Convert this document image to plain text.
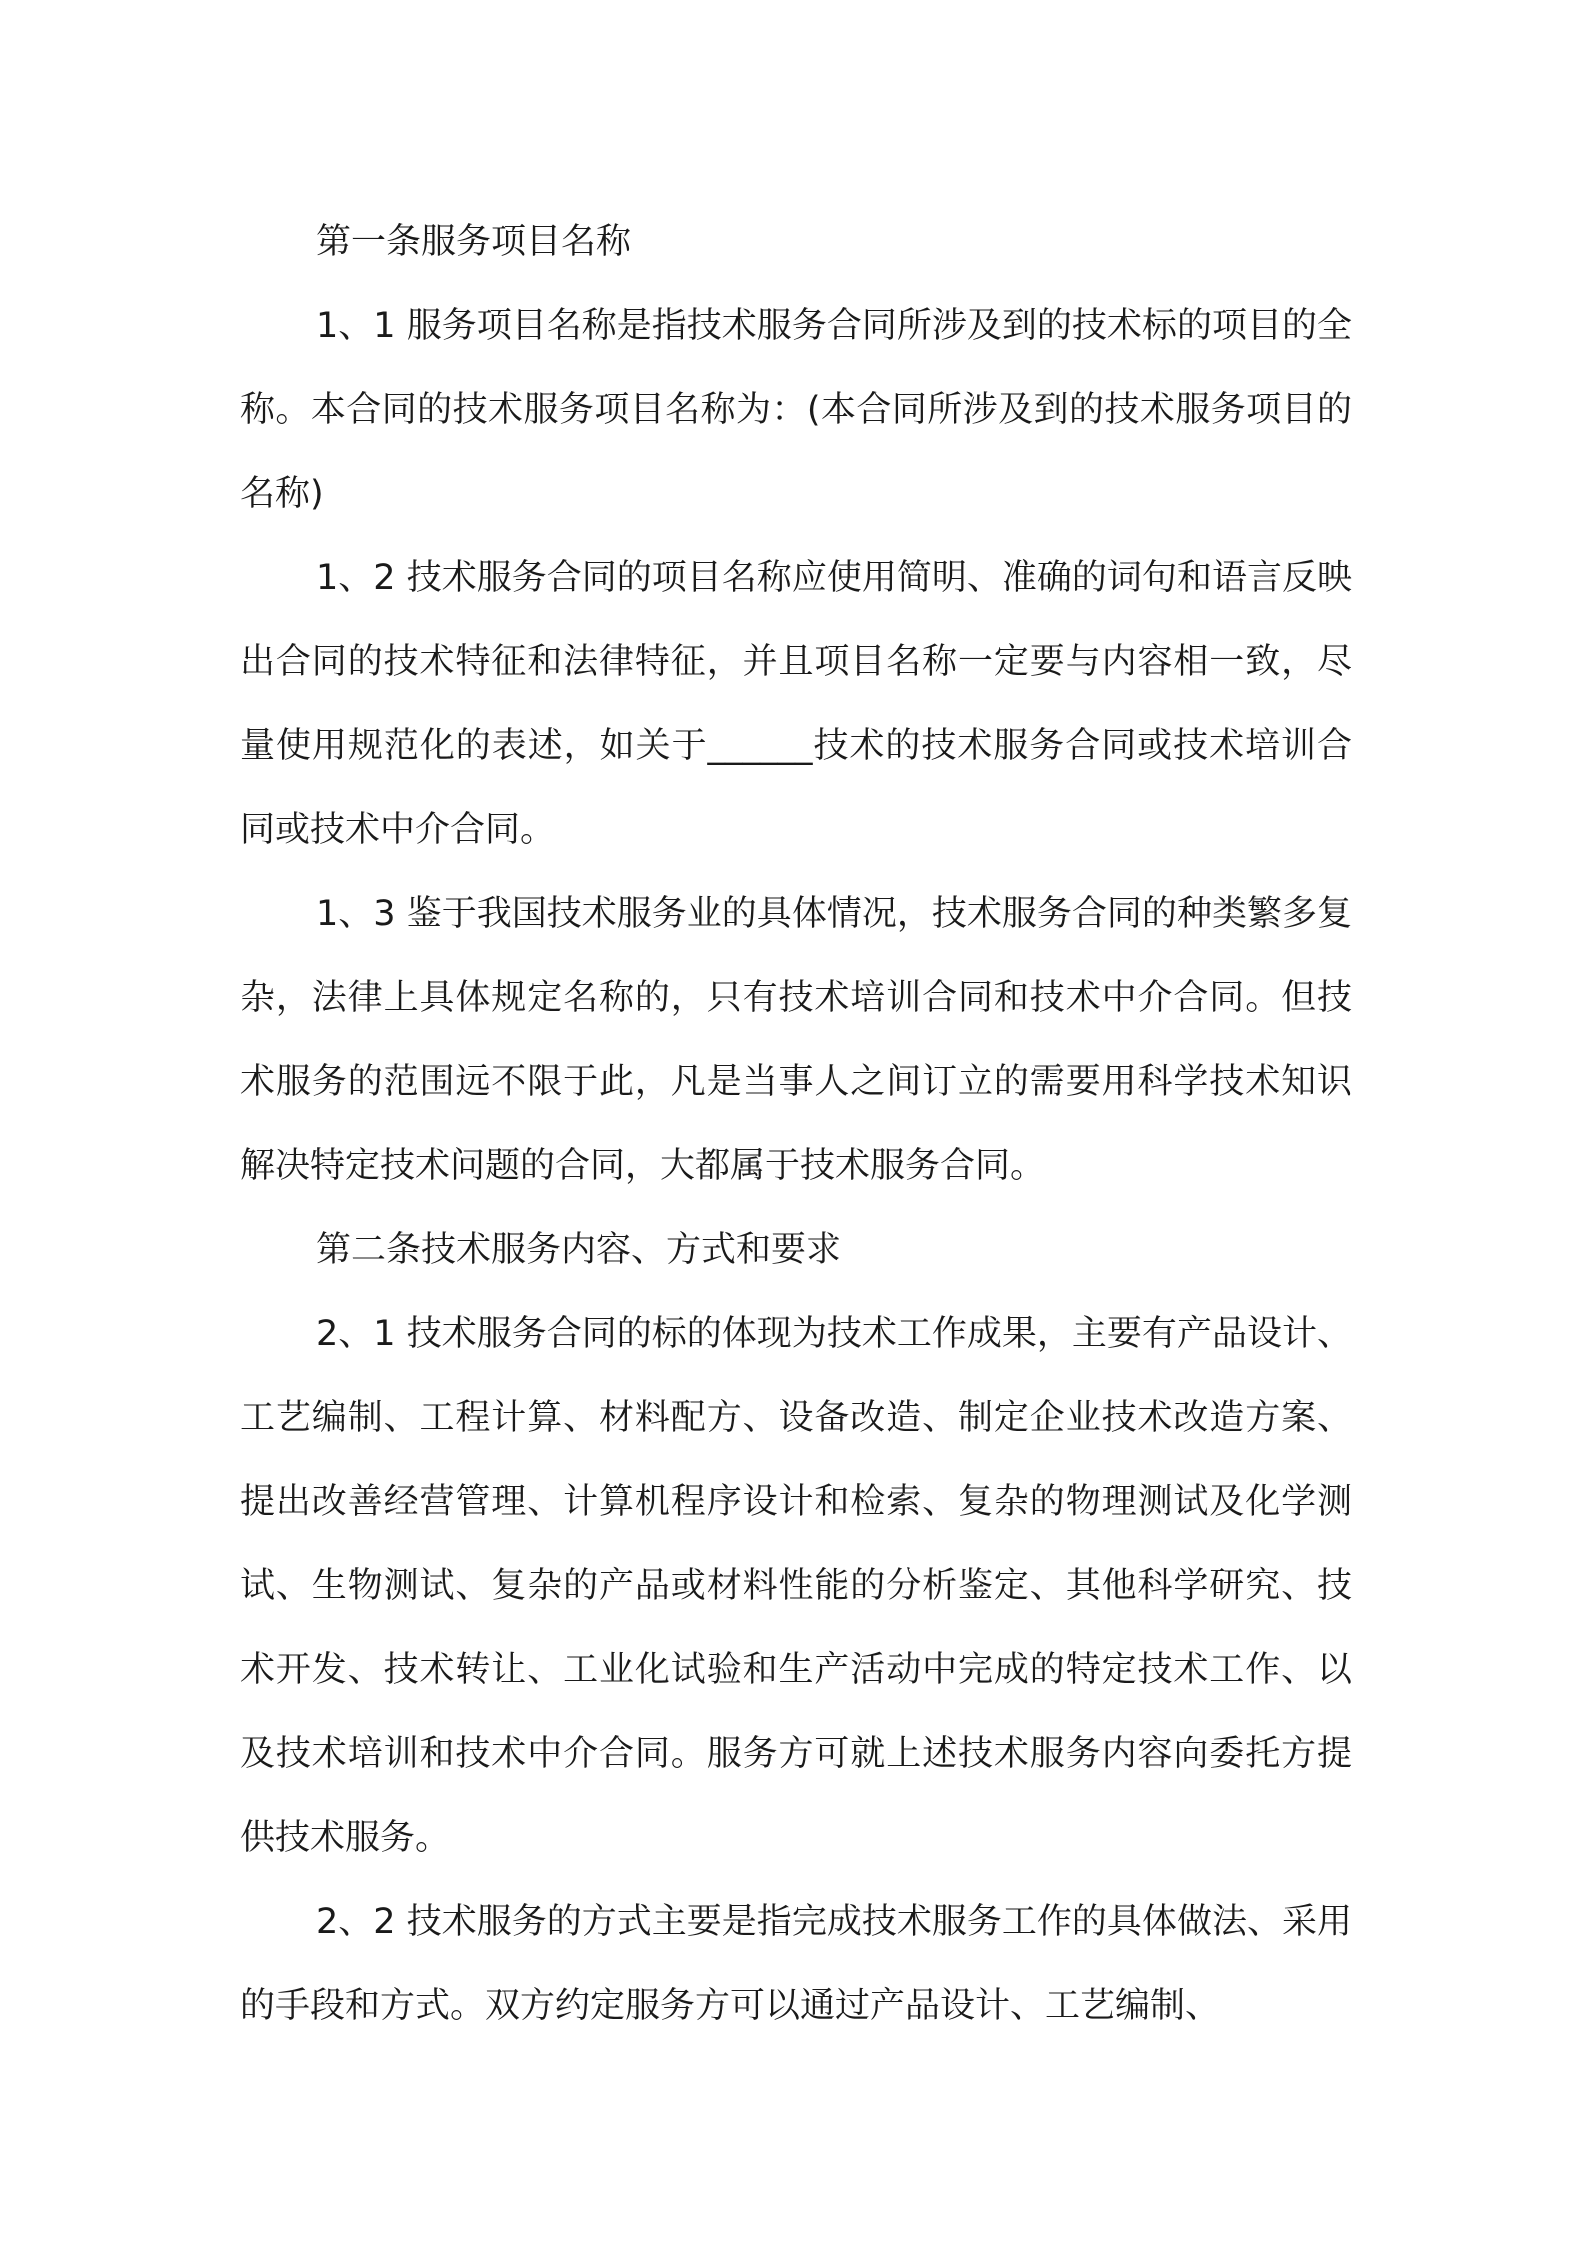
第一条服务项目名称

1、1 服务项目名称是指技术服务合同所涉及到的技术标的项目的全称。本合同的技术服务项目名称为：(本合同所涉及到的技术服务项目的名称)

1、2 技术服务合同的项目名称应使用简明、准确的词句和语言反映出合同的技术特征和法律特征，并且项目名称一定要与内容相一致，尽量使用规范化的表述，如关于______技术的技术服务合同或技术培训合同或技术中介合同。

1、3 鉴于我国技术服务业的具体情况，技术服务合同的种类繁多复杂，法律上具体规定名称的，只有技术培训合同和技术中介合同。但技术服务的范围远不限于此，凡是当事人之间订立的需要用科学技术知识解决特定技术问题的合同，大都属于技术服务合同。

第二条技术服务内容、方式和要求

2、1 技术服务合同的标的体现为技术工作成果，主要有产品设计、工艺编制、工程计算、材料配方、设备改造、制定企业技术改造方案、提出改善经营管理、计算机程序设计和检索、复杂的物理测试及化学测试、生物测试、复杂的产品或材料性能的分析鉴定、其他科学研究、技术开发、技术转让、工业化试验和生产活动中完成的特定技术工作、以及技术培训和技术中介合同。服务方可就上述技术服务内容向委托方提供技术服务。

2、2 技术服务的方式主要是指完成技术服务工作的具体做法、采用的手段和方式。双方约定服务方可以通过产品设计、工艺编制、
